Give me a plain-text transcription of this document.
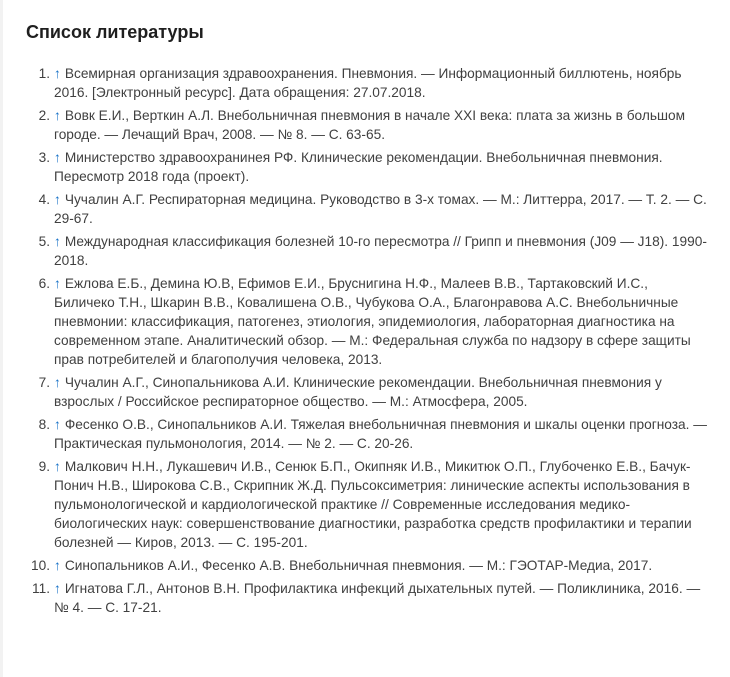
Список литературы
1. ↑ Всемирная организация здравоохранения. Пневмония. — Информационный биллютень, ноябрь 2016. [Электронный ресурс]. Дата обращения: 27.07.2018.
2. ↑ Вовк Е.И., Верткин А.Л. Внебольничная пневмония в начале XXI века: плата за жизнь в большом городе. — Лечащий Врач, 2008. — № 8. — С. 63-65.
3. ↑ Министерство здравоохранинея РФ. Клинические рекомендации. Внебольничная пневмония. Пересмотр 2018 года (проект).
4. ↑ Чучалин А.Г. Респираторная медицина. Руководство в 3-х томах. — М.: Литтерра, 2017. — Т. 2. — С. 29-67.
5. ↑ Международная классификация болезней 10-го пересмотра // Грипп и пневмония (J09 — J18). 1990-2018.
6. ↑ Ежлова Е.Б., Демина Ю.В, Ефимов Е.И., Бруснигина Н.Ф., Малеев В.В., Тартаковский И.С., Биличеко Т.Н., Шкарин В.В., Ковалишена О.В., Чубукова О.А., Благонравова А.С. Внебольничные пневмонии: классификация, патогенез, этиология, эпидемиология, лабораторная диагностика на современном этапе. Аналитический обзор. — М.: Федеральная служба по надзору в сфере защиты прав потребителей и благополучия человека, 2013.
7. ↑ Чучалин А.Г., Синопальникова А.И. Клинические рекомендации. Внебольничная пневмония у взрослых / Российское респираторное общество. — М.: Атмосфера, 2005.
8. ↑ Фесенко О.В., Синопальников А.И. Тяжелая внебольничная пневмония и шкалы оценки прогноза. — Практическая пульмонология, 2014. — № 2. — С. 20-26.
9. ↑ Малкович Н.Н., Лукашевич И.В., Сенюк Б.П., Окипняк И.В., Микитюк О.П., Глубоченко Е.В., Бачук-Понич Н.В., Широкова С.В., Скрипник Ж.Д. Пульсоксиметрия: линические аспекты использования в пульмонологической и кардиологической практике // Современные исследования медико-биологических наук: совершенствование диагностики, разработка средств профилактики и терапии болезней — Киров, 2013. — С. 195-201.
10. ↑ Синопальников А.И., Фесенко А.В. Внебольничная пневмония. — М.: ГЭОТАР-Медиа, 2017.
11. ↑ Игнатова Г.Л., Антонов В.Н. Профилактика инфекций дыхательных путей. — Поликлиника, 2016. — № 4. — С. 17-21.
